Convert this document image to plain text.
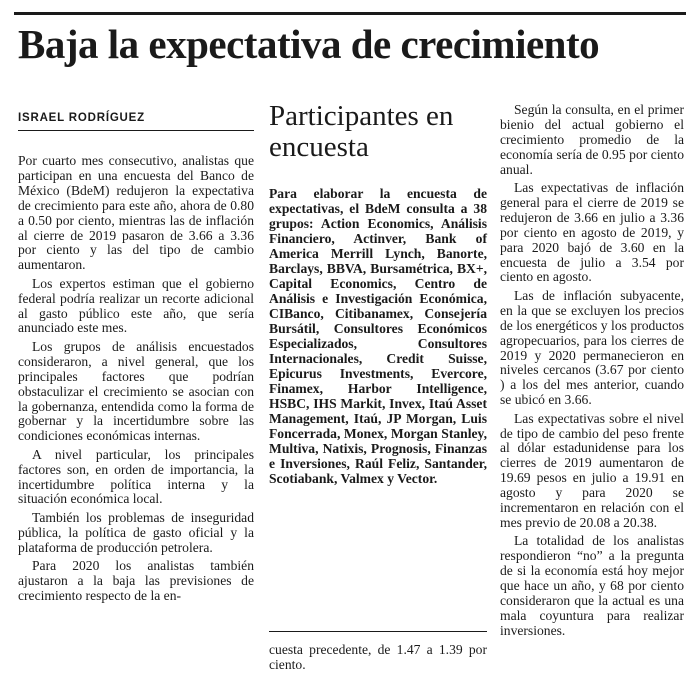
Baja la expectativa de crecimiento
ISRAEL RODRÍGUEZ

Por cuarto mes consecutivo, analistas que participan en una encuesta del Banco de México (BdeM) redujeron la expectativa de crecimiento para este año, ahora de 0.80 a 0.50 por ciento, mientras las de inflación al cierre de 2019 pasaron de 3.66 a 3.36 por ciento y las del tipo de cambio aumentaron.

Los expertos estiman que el gobierno federal podría realizar un recorte adicional al gasto público este año, que sería anunciado este mes.

Los grupos de análisis encuestados consideraron, a nivel general, que los principales factores que podrían obstaculizar el crecimiento se asocian con la gobernanza, entendida como la forma de gobernar y la incertidumbre sobre las condiciones económicas internas.

A nivel particular, los principales factores son, en orden de importancia, la incertidumbre política interna y la situación económica local.

También los problemas de inseguridad pública, la política de gasto oficial y la plataforma de producción petrolera.

Para 2020 los analistas también ajustaron a la baja las previsiones de crecimiento respecto de la en-

Participantes en encuesta
Para elaborar la encuesta de expectativas, el BdeM consulta a 38 grupos: Action Economics, Análisis Financiero, Actinver, Bank of America Merrill Lynch, Banorte, Barclays, BBVA, Bursamétrica, BX+, Capital Economics, Centro de Análisis e Investigación Económica, CIBanco, Citibanamex, Consejería Bursátil, Consultores Económicos Especializados, Consultores Internacionales, Credit Suisse, Epicurus Investments, Evercore, Finamex, Harbor Intelligence, HSBC, IHS Markit, Invex, Itaú Asset Management, Itaú, JP Morgan, Luis Foncerrada, Monex, Morgan Stanley, Multiva, Natixis, Prognosis, Finanzas e Inversiones, Raúl Feliz, Santander, Scotiabank, Valmex y Vector.

cuesta precedente, de 1.47 a 1.39 por ciento.

Según la consulta, en el primer bienio del actual gobierno el crecimiento promedio de la economía sería de 0.95 por ciento anual.

Las expectativas de inflación general para el cierre de 2019 se redujeron de 3.66 en julio a 3.36 por ciento en agosto de 2019, y para 2020 bajó de 3.60 en la encuesta de julio a 3.54 por ciento en agosto.

Las de inflación subyacente, en la que se excluyen los precios de los energéticos y los productos agropecuarios, para los cierres de 2019 y 2020 permanecieron en niveles cercanos (3.67 por ciento ) a los del mes anterior, cuando se ubicó en 3.66.

Las expectativas sobre el nivel de tipo de cambio del peso frente al dólar estadunidense para los cierres de 2019 aumentaron de 19.69 pesos en julio a 19.91 en agosto y para 2020 se incrementaron en relación con el mes previo de 20.08 a 20.38.

La totalidad de los analistas respondieron “no” a la pregunta de si la economía está hoy mejor que hace un año, y 68 por ciento consideraron que la actual es una mala coyuntura para realizar inversiones.
